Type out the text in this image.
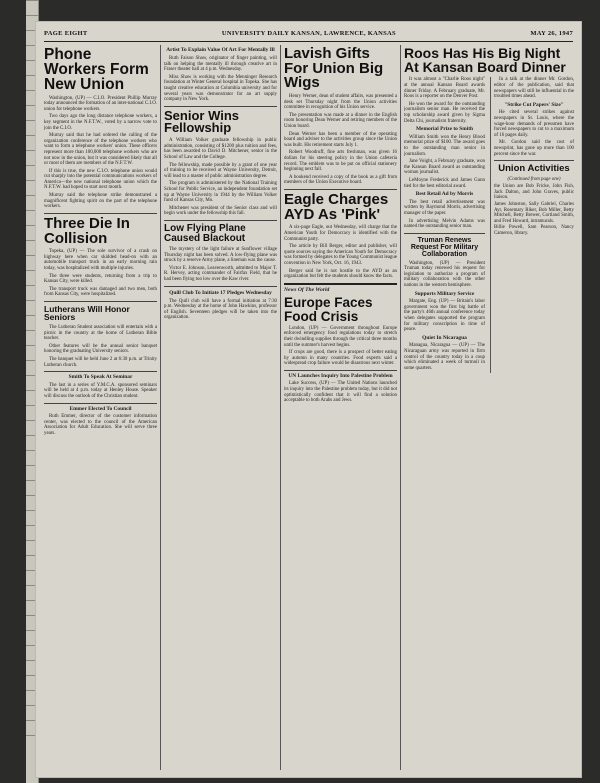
PAGE EIGHT	UNIVERSITY DAILY KANSAN, LAWRENCE, KANSAS	MAY 26, 1947
Phone Workers Form New Union

Washington, (UP) — C.I.O. President Phillip Murray today announced the formation of an inter-national C.I.O. union for telephone workers.

Two days ago the long distance telephone workers, a key segment in the N.F.T.W., voted by a narrow vote to join the C.I.O.

Murray said that he had ordered the calling of the organization conference of the telephone workers who want to form a telephone workers' union. These officers represent more than 100,000 telephone workers who are not now in the union, but it was considered likely that all or most of them are members of the N.F.T.W.

If this is true, the new C.I.O. telephone union would cut sharply into the potential communications workers of America—the new national telephone union which the N.F.T.W. had hoped to start next month.

Murray said the telephone strike demonstrated a magnificent fighting spirit on the part of the telephone workers.

Three Die In Collision

Topeka, (UP) — The sole survivor of a crash on highway here when car skidded head-on with an automobile transport truck in an early morning rain today, was hospitalized with multiple injuries.

The three were students, returning from a trip to Kansas City, were killed.

The transport truck was damaged and two men, both from Kansas City, were hospitalized.

Lutherans Will Honor Seniors

The Lutheran Student association will entertain with a picnic in the country at the home of Lutheran Bible teacher.

Other features will be the annual senior banquet honoring the graduating University seniors.

The banquet will be held June 2 at 6:30 p.m. at Trinity Lutheran church.

Smith To Speak At Seminar

The last in a series of Y.M.C.A. sponsored seminars will be held at 4 p.m. today at Henley House. Speaker will discuss the outlook of the Christian student.

Emmer Elected To Council

Ruth Emmer, director of the customer information center, was elected to the council of the American Association for Adult Education. She will serve three years.

Artist To Explain Value Of Art For Mentally Ill

Ruth Faison Shaw, originator of finger painting, will talk on helping the mentally ill through creative art in Fraser theater hall at 4 p.m. Wednesday.

Miss Shaw is working with the Menninger Research foundation at Winter General hospital in Topeka. She has taught creative education at Columbia university and for several years was demonstrator for an art supply company in New York.

Senior Wins Fellowship

A William Volker graduate fellowship in public administration, consisting of $1200 plus tuition and fees, has been awarded to David D. Mitchener, senior in the School of Law and the College.

The fellowship, made possible by a grant of one year of training to be received at Wayne University, Detroit, will lead to a master of public administration degree.

The program is administered by the National Training School for Public Service, an independent foundation set up at Wayne University in 1944 by the William Volker fund of Kansas City, Mo.

Mitchener was president of the Senior class and will begin work under the fellowship this fall.

Low Flying Plane Caused Blackout

The mystery of the light failure at Sunflower village Thursday night has been solved. A low-flying plane was struck by a reserve Army plane, a lineman was the cause.

Victor E. Johnson, Leavenworth, admitted to Major T. R. Hervey, acting commander of Fairfax Field, that he had been flying too low over the Kaw river.

Quill Club To Initiate 17 Pledges Wednesday

The Quill club will have a formal initiation at 7:30 p.m. Wednesday at the home of John Hawkins, professor of English. Seventeen pledges will be taken into the organization.

Lavish Gifts For Union Big Wigs

Henry Werner, dean of student affairs, was presented a desk set Thursday night from the Union activities committee in recognition of his Union service.

The presentation was made at a dinner in the English room honoring Dean Werner and retiring members of the Union board.

Dean Werner has been a member of the operating board and adviser to the activities group since the Union was built. His retirement starts July 1.

Robert Woodruff, fine arts freshman, was given 16 dollars for his steering policy in the Union cafeteria record. The emblem was to be put on official stationery beginning next fall.

A bookend received a copy of the book as a gift from members of the Union Executive board.

Eagle Charges AYD As 'Pink'

A six-page Eagle, out Wednesday, will charge that the American Youth for Democracy is identified with the Communist party.

The article by Bill Berger, editor and publisher, will quote sources saying the American Youth for Democracy was formed by delegates to the Young Communist league convention in New York, Oct. 16, 1943.

Berger said he is not hostile to the AYD as an organization but felt the students should know the facts.

News Of The World
Europe Faces Food Crisis

London, (UP) — Government throughout Europe enforced emergency food regulations today to stretch their dwindling supplies through the critical three months until the summer's harvest begins.

If crops are good, there is a prospect of better eating by autumn in many countries. Food experts said a widespread crop failure would be disastrous next winter.

UN Launches Inquiry Into Palestine Problem

Lake Success, (UP) — The United Nations launched its inquiry into the Palestine problem today, but it did not optimistically confident that it will find a solution acceptable to both Arabs and Jews.

Roos Has His Big Night At Kansan Board Dinner

It was almost a "Charlie Roos night" at the annual Kansan Board awards dinner Friday. A February graduate, Mr. Roos is a reporter on the Denver Post.

He won the award for the outstanding journalism senior man. He received the top scholarship award given by Sigma Delta Chi, journalism fraternity.

Memorial Prize to Smith

William Smith won the Henry Blood memorial prize of $100. The award goes to the outstanding man senior in journalism.

Jane Voight, a February graduate, won the Kansan Board award as outstanding woman journalist.

LeMoyne Frederick and James Gunn tied for the best editorial award.

Best Retail Ad by Morris

The best retail advertisement was written by Raymond Morris, advertising manager of the paper.

In advertising Melvin Adams was named the outstanding senior man.

Truman Renews Request For Military Collaboration

Washington, (UP) — President Truman today renewed his request for legislation to authorize a program of military collaboration with the other nations in the western hemisphere.

Supports Military Service

Margate, Eng. (UP) — Britain's labor government won the first big battle of the party's 46th annual conference today when delegates supported the program for military conscription in time of peace.

Quiet In Nicaragua

Managua, Nicaragua — (UP) — The Nicaraguan army was reported in firm control of the country today in a coup which eliminated a week of turmoil in some quarters.

In a talk at the dinner Mr. Gordon, editor of the publication, said that newspapers will still be influential in the troubled times ahead.

"Strike Cut Papers' Size"

He cited several strikes against newspapers in St. Louis, where the wage-hour demands of pressmen have forced newspapers to cut to a maximum of 16 pages daily.

Mr. Gordon said the cost of newsprint, has gone up more than 100 percent since the war.

Union Activities
(Continued from page one)

the Union are Bob Fricke, John Fish, Jack Dalton, and John Graves, public liaison.

James Johnston, Sally Gabriel, Charles Ayr, Rosemary Riker, Bob Miller, Betty Mitchell, Betty Brewer, Cortland Smith, and Fred Howard, intramurals.

Billie Powell, Sam Pearson, Nancy Cameron, library.
